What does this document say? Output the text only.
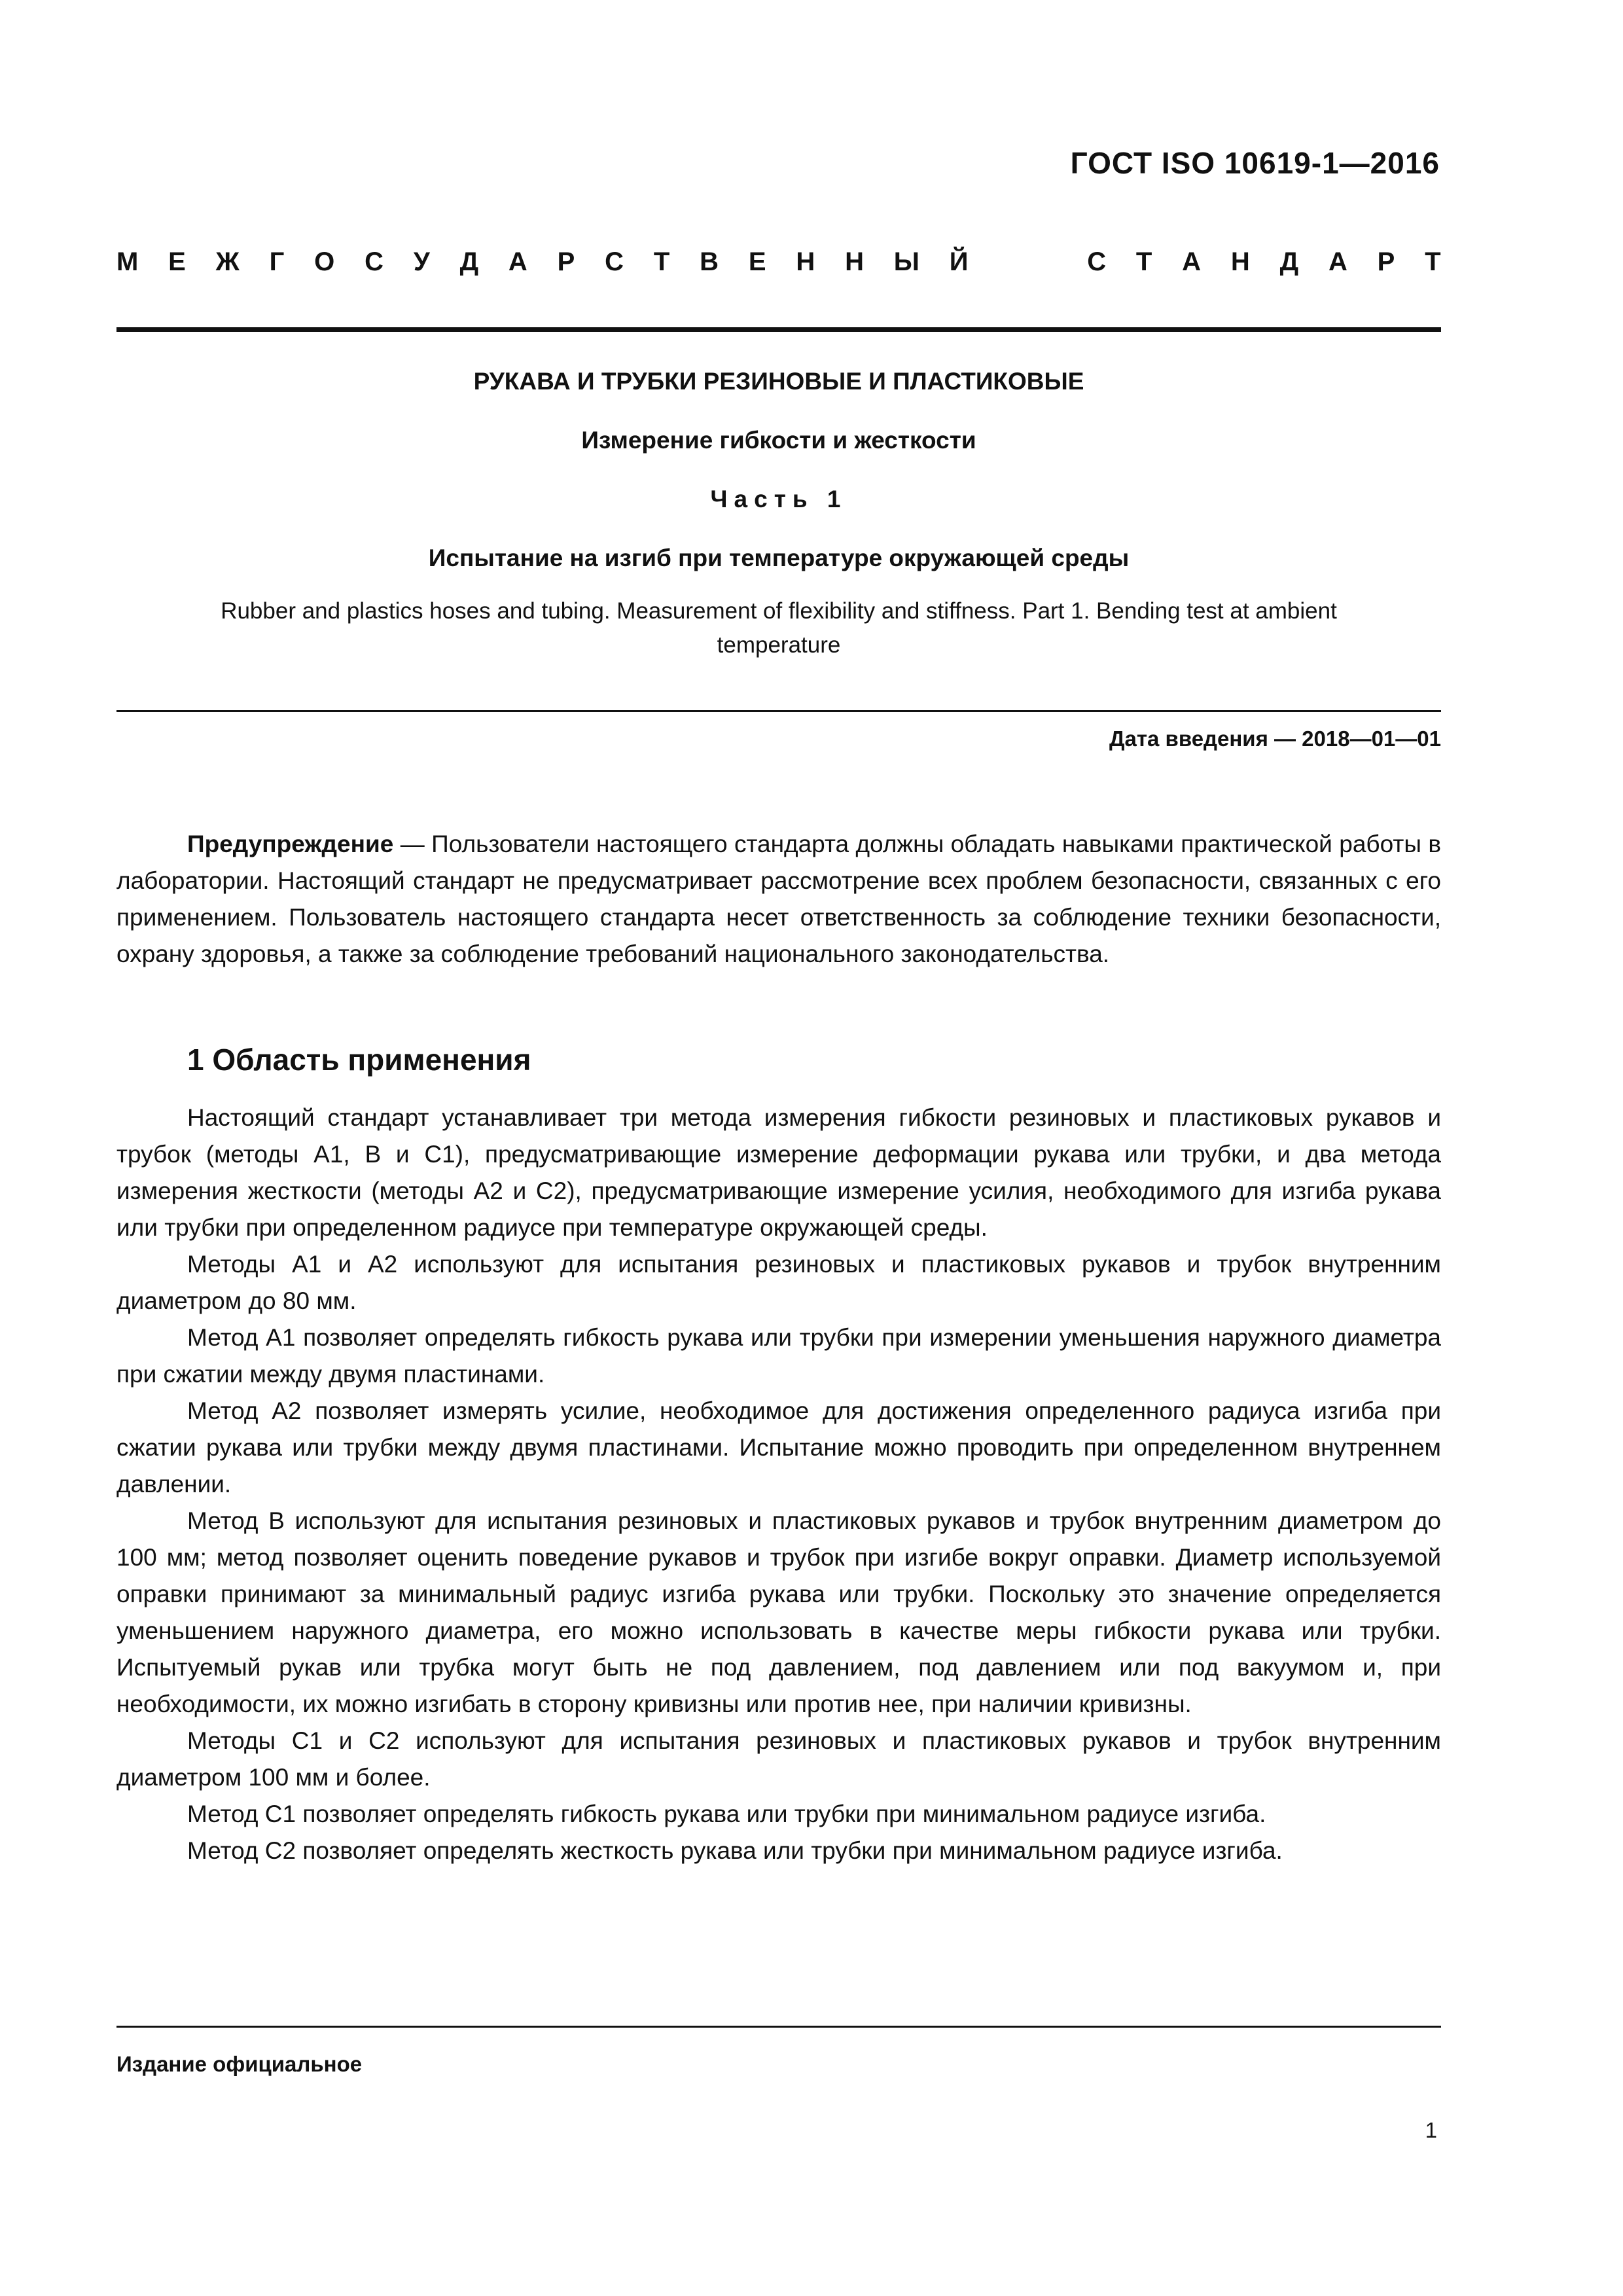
ГОСТ ISO 10619-1—2016

М Е Ж Г О С У Д А Р С Т В Е Н Н Ы Й	С Т А Н Д А Р Т

РУКАВА И ТРУБКИ РЕЗИНОВЫЕ И ПЛАСТИКОВЫЕ

Измерение гибкости и жесткости

Часть 1

Испытание на изгиб при температуре окружающей среды

Rubber and plastics hoses and tubing. Measurement of flexibility and stiffness. Part 1. Bending test at ambient temperature

Дата введения — 2018—01—01

Предупреждение — Пользователи настоящего стандарта должны обладать навыками практической работы в лаборатории. Настоящий стандарт не предусматривает рассмотрение всех проблем безопасности, связанных с его применением. Пользователь настоящего стандарта несет ответственность за соблюдение техники безопасности, охрану здоровья, а также за соблюдение требований национального законодательства.

1 Область применения

Настоящий стандарт устанавливает три метода измерения гибкости резиновых и пластиковых рукавов и трубок (методы А1, В и С1), предусматривающие измерение деформации рукава или трубки, и два метода измерения жесткости (методы А2 и С2), предусматривающие измерение усилия, необходимого для изгиба рукава или трубки при определенном радиусе при температуре окружающей среды.

Методы А1 и А2 используют для испытания резиновых и пластиковых рукавов и трубок внутренним диаметром до 80 мм.

Метод А1 позволяет определять гибкость рукава или трубки при измерении уменьшения наружного диаметра при сжатии между двумя пластинами.

Метод А2 позволяет измерять усилие, необходимое для достижения определенного радиуса изгиба при сжатии рукава или трубки между двумя пластинами. Испытание можно проводить при определенном внутреннем давлении.

Метод В используют для испытания резиновых и пластиковых рукавов и трубок внутренним диаметром до 100 мм; метод позволяет оценить поведение рукавов и трубок при изгибе вокруг оправки. Диаметр используемой оправки принимают за минимальный радиус изгиба рукава или трубки. Поскольку это значение определяется уменьшением наружного диаметра, его можно использовать в качестве меры гибкости рукава или трубки. Испытуемый рукав или трубка могут быть не под давлением, под давлением или под вакуумом и, при необходимости, их можно изгибать в сторону кривизны или против нее, при наличии кривизны.

Методы С1 и С2 используют для испытания резиновых и пластиковых рукавов и трубок внутренним диаметром 100 мм и более.

Метод С1 позволяет определять гибкость рукава или трубки при минимальном радиусе изгиба.

Метод С2 позволяет определять жесткость рукава или трубки при минимальном радиусе изгиба.

Издание официальное

1
